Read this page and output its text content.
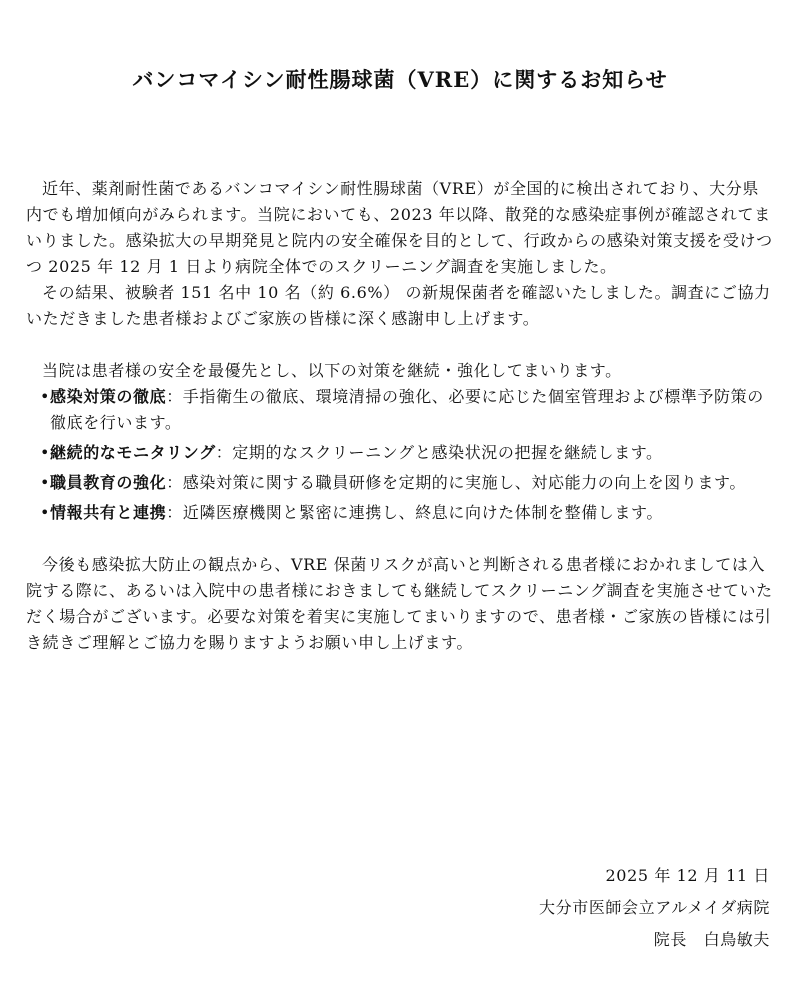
バンコマイシン耐性腸球菌（VRE）に関するお知らせ

近年、薬剤耐性菌であるバンコマイシン耐性腸球菌（VRE）が全国的に検出されており、大分県内でも増加傾向がみられます。当院においても、2023 年以降、散発的な感染症事例が確認されてまいりました。感染拡大の早期発見と院内の安全確保を目的として、行政からの感染対策支援を受けつつ 2025 年 12 月 1 日より病院全体でのスクリーニング調査を実施しました。

その結果、被験者 151 名中 10 名（約 6.6%） の新規保菌者を確認いたしました。調査にご協力いただきました患者様およびご家族の皆様に深く感謝申し上げます。

当院は患者様の安全を最優先とし、以下の対策を継続・強化してまいります。

• 感染対策の徹底：手指衛生の徹底、環境清掃の強化、必要に応じた個室管理および標準予防策の徹底を行います。
• 継続的なモニタリング：定期的なスクリーニングと感染状況の把握を継続します。
• 職員教育の強化：感染対策に関する職員研修を定期的に実施し、対応能力の向上を図ります。
• 情報共有と連携：近隣医療機関と緊密に連携し、終息に向けた体制を整備します。

今後も感染拡大防止の観点から、VRE 保菌リスクが高いと判断される患者様におかれましては入院する際に、あるいは入院中の患者様におきましても継続してスクリーニング調査を実施させていただく場合がございます。必要な対策を着実に実施してまいりますので、患者様・ご家族の皆様には引き続きご理解とご協力を賜りますようお願い申し上げます。

2025 年 12 月 11 日
大分市医師会立アルメイダ病院
院長　白鳥敏夫
